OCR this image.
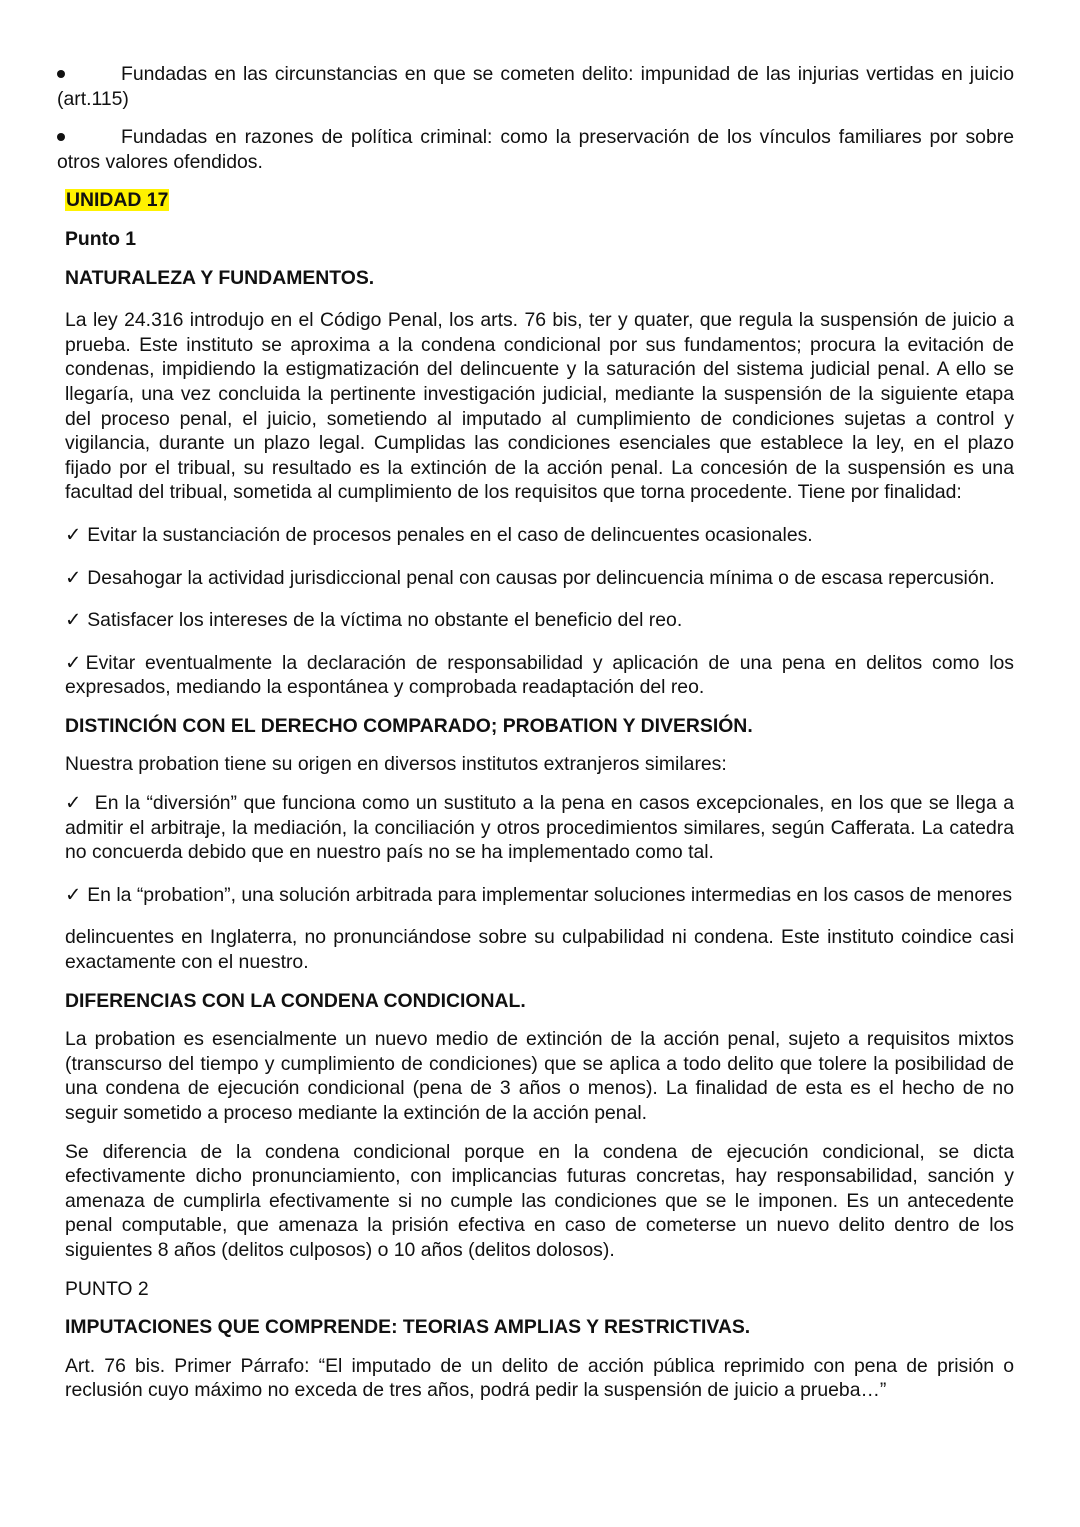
Fundadas en las circunstancias en que se cometen delito: impunidad de las injurias vertidas en juicio (art.115)

Fundadas en razones de política criminal: como la preservación de los vínculos familiares por sobre otros valores ofendidos.

UNIDAD 17

Punto 1

NATURALEZA Y FUNDAMENTOS.

La ley 24.316 introdujo en el Código Penal, los arts. 76 bis, ter y quater, que regula la suspensión de juicio a prueba. Este instituto se aproxima a la condena condicional por sus fundamentos; procura la evitación de condenas, impidiendo la estigmatización del delincuente y la saturación del sistema judicial penal. A ello se llegaría, una vez concluida la pertinente investigación judicial, mediante la suspensión de la siguiente etapa del proceso penal, el juicio, sometiendo al imputado al cumplimiento de condiciones sujetas a control y vigilancia, durante un plazo legal. Cumplidas las condiciones esenciales que establece la ley, en el plazo fijado por el tribual, su resultado es la extinción de la acción penal. La concesión de la suspensión es una facultad del tribual, sometida al cumplimiento de los requisitos que torna procedente. Tiene por finalidad:

✓ Evitar la sustanciación de procesos penales en el caso de delincuentes ocasionales.

✓ Desahogar la actividad jurisdiccional penal con causas por delincuencia mínima o de escasa repercusión.

✓ Satisfacer los intereses de la víctima no obstante el beneficio del reo.

✓Evitar eventualmente la declaración de responsabilidad y aplicación de una pena en delitos como los expresados, mediando la espontánea y comprobada readaptación del reo.

DISTINCIÓN CON EL DERECHO COMPARADO; PROBATION Y DIVERSIÓN.

Nuestra probation tiene su origen en diversos institutos extranjeros similares:

✓ En la “diversión” que funciona como un sustituto a la pena en casos excepcionales, en los que se llega a admitir el arbitraje, la mediación, la conciliación y otros procedimientos similares, según Cafferata. La catedra no concuerda debido que en nuestro país no se ha implementado como tal.

✓ En la “probation”, una solución arbitrada para implementar soluciones intermedias en los casos de menores

delincuentes en Inglaterra, no pronunciándose sobre su culpabilidad ni condena. Este instituto coindice casi exactamente con el nuestro.

DIFERENCIAS CON LA CONDENA CONDICIONAL.

La probation es esencialmente un nuevo medio de extinción de la acción penal, sujeto a requisitos mixtos (transcurso del tiempo y cumplimiento de condiciones) que se aplica a todo delito que tolere la posibilidad de una condena de ejecución condicional (pena de 3 años o menos). La finalidad de esta es el hecho de no seguir sometido a proceso mediante la extinción de la acción penal.

Se diferencia de la condena condicional porque en la condena de ejecución condicional, se dicta efectivamente dicho pronunciamiento, con implicancias futuras concretas, hay responsabilidad, sanción y amenaza de cumplirla efectivamente si no cumple las condiciones que se le imponen. Es un antecedente penal computable, que amenaza la prisión efectiva en caso de cometerse un nuevo delito dentro de los siguientes 8 años (delitos culposos) o 10 años (delitos dolosos).

PUNTO 2

IMPUTACIONES QUE COMPRENDE: TEORIAS AMPLIAS Y RESTRICTIVAS.

Art. 76 bis. Primer Párrafo: “El imputado de un delito de acción pública reprimido con pena de prisión o reclusión cuyo máximo no exceda de tres años, podrá pedir la suspensión de juicio a prueba…”
